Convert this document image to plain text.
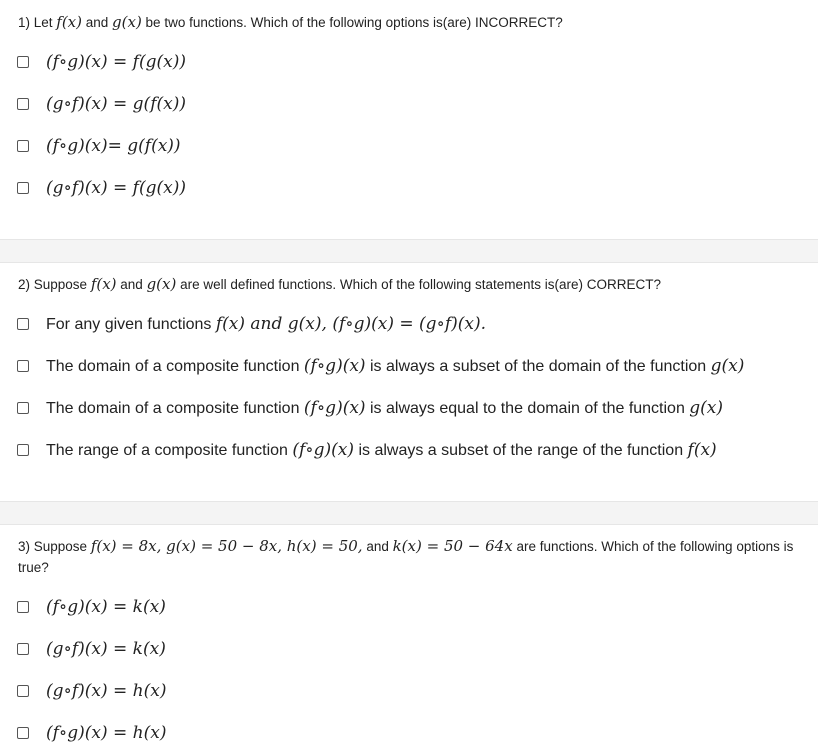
1) Let f(x) and g(x) be two functions. Which of the following options is(are) INCORRECT?
(f∘g)(x) = f(g(x))
(g∘f)(x) = g(f(x))
(f∘g)(x)= g(f(x))
(g∘f)(x) = f(g(x))
2) Suppose f(x) and g(x) are well defined functions. Which of the following statements is(are) CORRECT?
For any given functions f(x) and g(x), (f∘g)(x) = (g∘f)(x).
The domain of a composite function (f∘g)(x) is always a subset of the domain of the function g(x)
The domain of a composite function (f∘g)(x) is always equal to the domain of the function g(x)
The range of a composite function (f∘g)(x) is always a subset of the range of the function f(x)
3) Suppose f(x) = 8x, g(x) = 50 − 8x, h(x) = 50, and k(x) = 50 − 64x are functions. Which of the following options is true?
(f∘g)(x) = k(x)
(g∘f)(x) = k(x)
(g∘f)(x) = h(x)
(f∘g)(x) = h(x)
